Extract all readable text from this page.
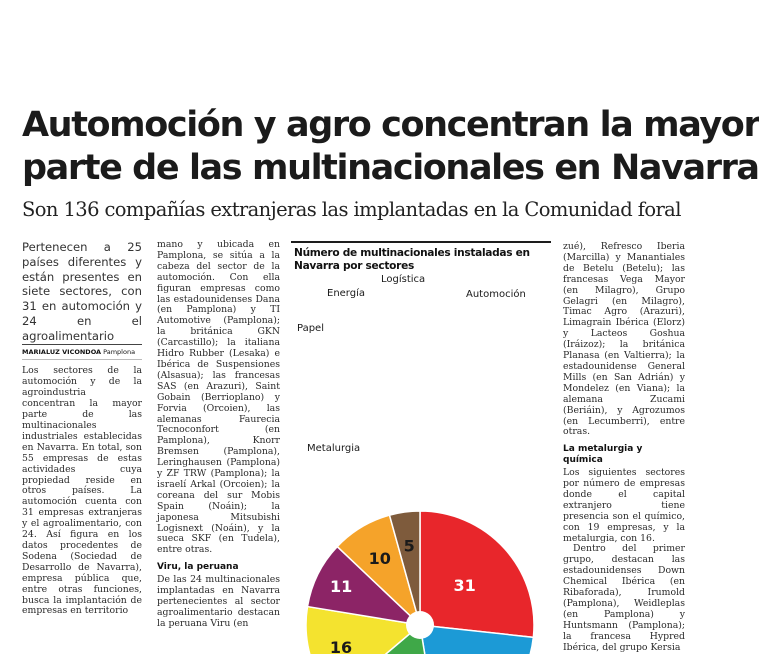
Automoción y agro concentran la mayor
parte de las multinacionales en Navarra

Son 136 compañías extranjeras las implantadas en la Comunidad foral

Pertenecen a 25 países diferentes y están presentes en siete sectores, con 31 en automoción y 24 en el agroalimentario

MARIALUZ VICONDOA Pamplona

Los sectores de la automoción y de la agroindustria concentran la mayor parte de las multinacionales industriales establecidas en Navarra. En total, son 55 empresas de estas actividades cuya propiedad reside en otros países. La automoción cuenta con 31 empresas extranjeras y el agroalimentario, con 24. Así figura en los datos procedentes de Sodena (Sociedad de Desarrollo de Navarra), empresa pública que, entre otras funciones, busca la implantación de empresas en territorio

mano y ubicada en Pamplona, se sitúa a la cabeza del sector de la automoción. Con ella figuran empresas como las estadounidenses Dana (en Pamplona) y TI Automotive (Pamplona); la británica GKN (Carcastillo); la italiana Hidro Rubber (Lesaka) e Ibérica de Suspensiones (Alsasua); las francesas SAS (en Arazuri), Saint Gobain (Berrioplano) y Forvia (Orcoien), las alemanas Faurecia Tecnoconfort (en Pamplona), Knorr Bremsen (Pamplona), Leringhausen (Pamplona) y ZF TRW (Pamplona); la israelí Arkal (Orcoien); la coreana del sur Mobis Spain (Noáin); la japonesa Mitsubishi Logisnext (Noáin), y la sueca SKF (en Tudela), entre otras.

Viru, la peruana

De las 24 multinacionales implantadas en Navarra pertenecientes al sector agroalimentario destacan la peruana Viru (en

Número de multinacionales instaladas en Navarra por sectores

31
Automoción
16
Metalurgia
11
Papel
10
Energía
5
Logística

zué), Refresco Iberia (Marcilla) y Manantiales de Betelu (Betelu); las francesas Vega Mayor (en Milagro), Grupo Gelagri (en Milagro), Timac Agro (Arazuri), Limagrain Ibérica (Elorz) y Lacteos Goshua (Iráizoz); la británica Planasa (en Valtierra); la estadounidense General Mills (en San Adrián) y Mondelez (en Viana); la alemana Zucami (Beriáin), y Agrozumos (en Lecumberri), entre otras.

La metalurgia y química

Los siguientes sectores por número de empresas donde el capital extranjero tiene presencia son el químico, con 19 empresas, y la metalurgia, con 16.

Dentro del primer grupo, destacan las estadounidenses Down Chemical Ibérica (en Ribaforada), Irumold (Pamplona), Weidleplas (en Pamplona) y Huntsmann (Pamplona); la francesa Hypred Ibérica, del grupo Kersia
